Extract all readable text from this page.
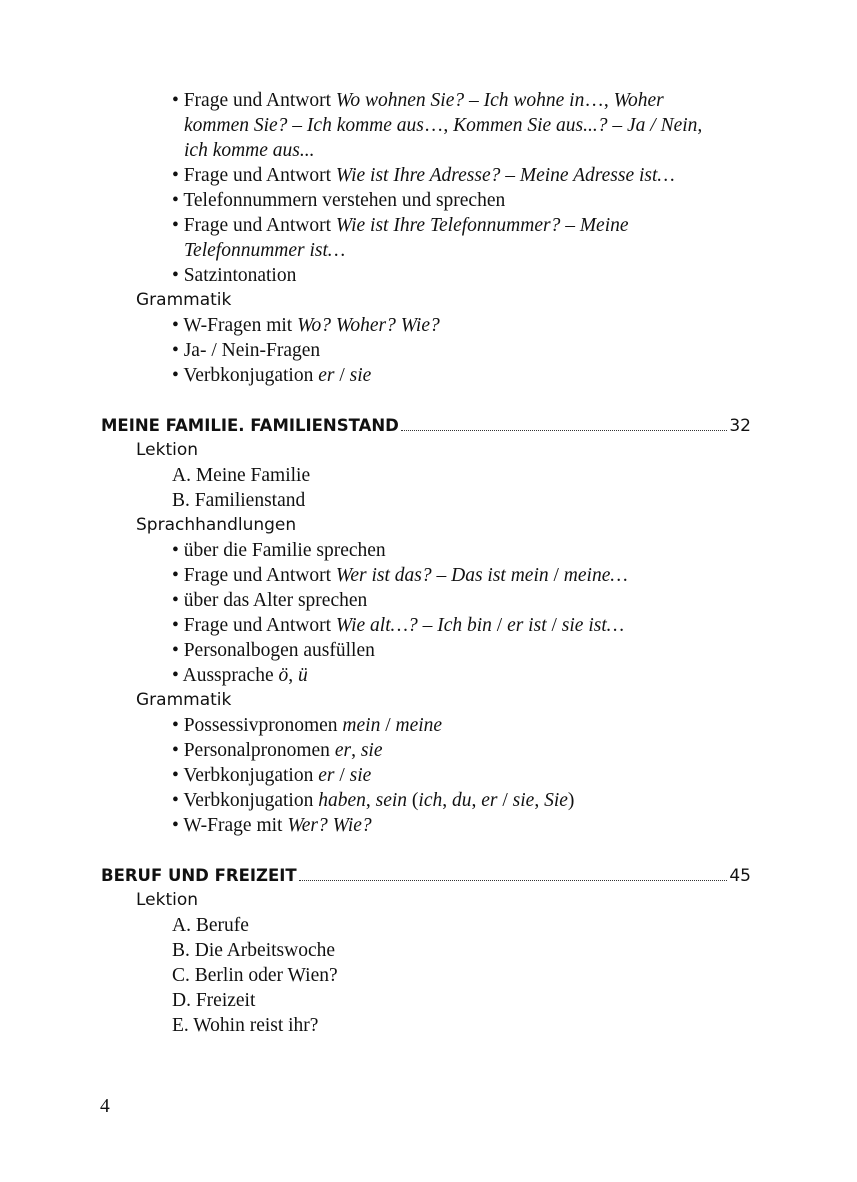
• Frage und Antwort Wo wohnen Sie? – Ich wohne in…, Woher
kommen Sie? – Ich komme aus…, Kommen Sie aus...? – Ja / Nein,
ich komme aus...
• Frage und Antwort Wie ist Ihre Adresse? – Meine Adresse ist…
• Telefonnummern verstehen und sprechen
• Frage und Antwort Wie ist Ihre Telefonnummer? – Meine
Telefonnummer ist…
• Satzintonation
Grammatik
• W-Fragen mit Wo? Woher? Wie?
• Ja- / Nein-Fragen
• Verbkonjugation er / sie
MEINE FAMILIE. FAMILIENSTAND	32
Lektion
A. Meine Familie
B. Familienstand
Sprachhandlungen
• über die Familie sprechen
• Frage und Antwort Wer ist das? – Das ist mein / meine…
• über das Alter sprechen
• Frage und Antwort Wie alt…? – Ich bin / er ist / sie ist…
• Personalbogen ausfüllen
• Aussprache ö, ü
Grammatik
• Possessivpronomen mein / meine
• Personalpronomen er, sie
• Verbkonjugation er / sie
• Verbkonjugation haben, sein (ich, du, er / sie, Sie)
• W-Frage mit Wer? Wie?
BERUF UND FREIZEIT	45
Lektion
A. Berufe
B. Die Arbeitswoche
C. Berlin oder Wien?
D. Freizeit
E. Wohin reist ihr?
4
